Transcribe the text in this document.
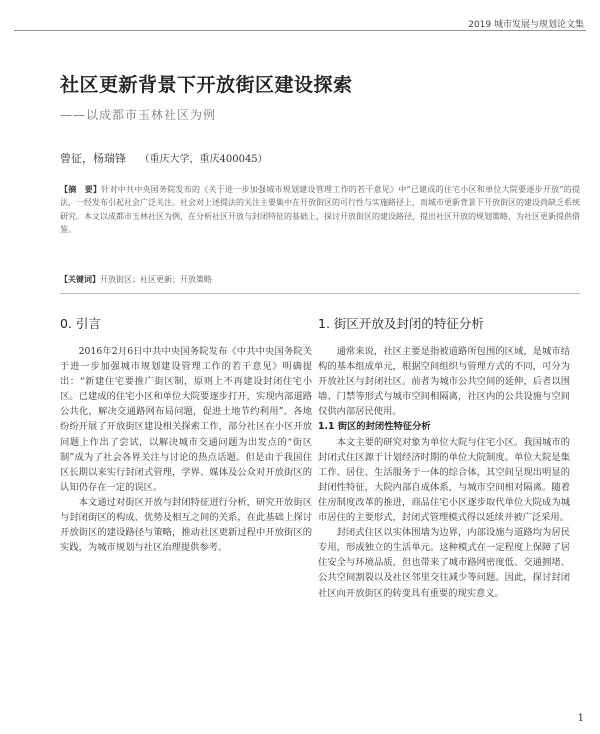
2019 城市发展与规划论文集
社区更新背景下开放街区建设探索
——以成都市玉林社区为例
曾征，杨瑞锋 （重庆大学，重庆400045）
【摘　要】针对中共中央国务院发布的《关于进一步加强城市规划建设管理工作的若干意见》中“已建成的住宅小区和单位大院要逐步开放”的提法，一经发布引起社会广泛关注。社会对上述提法的关注主要集中在开放街区的可行性与实施路径上，而城市更新背景下开放街区的建设尚缺乏系统研究。本文以成都市玉林社区为例，在分析社区开放与封闭特征的基础上，探讨开放街区的建设路径，提出社区开放的规划策略，为社区更新提供借鉴。
【关键词】开放街区；社区更新；开放策略
0. 引言

2016年2月6日中共中央国务院发布《中共中央国务院关于进一步加强城市规划建设管理工作的若干意见》明确提出：“新建住宅要推广街区制，原则上不再建设封闭住宅小区。已建成的住宅小区和单位大院要逐步打开，实现内部道路公共化，解决交通路网布局问题，促进土地节约利用”。各地纷纷开展了开放街区建设相关探索工作，部分社区在小区开放问题上作出了尝试，以解决城市交通问题为出发点的“街区制”成为了社会各界关注与讨论的热点话题。但是由于我国住区长期以来实行封闭式管理，学界、媒体及公众对开放街区的认知仍存在一定的误区。

本文通过对街区开放与封闭特征进行分析，研究开放街区与封闭街区的构成、优势及相互之间的关系，在此基础上探讨开放街区的建设路径与策略，推动社区更新过程中开放街区的实践，为城市规划与社区治理提供参考。

1. 街区开放及封闭的特征分析

通常来说，社区主要是指被道路所包围的区域，是城市结构的基本组成单元，根据空间组织与管理方式的不同，可分为开放社区与封闭社区。前者为城市公共空间的延伸，后者以围墙、门禁等形式与城市空间相隔离，社区内的公共设施与空间仅供内部居民使用。

1.1 街区的封闭性特征分析

本文主要的研究对象为单位大院与住宅小区。我国城市的封闭式住区源于计划经济时期的单位大院制度。单位大院是集工作、居住、生活服务于一体的综合体，其空间呈现出明显的封闭性特征，大院内部自成体系，与城市空间相对隔离。随着住房制度改革的推进，商品住宅小区逐步取代单位大院成为城市居住的主要形式，封闭式管理模式得以延续并被广泛采用。

封闭式住区以实体围墙为边界，内部设施与道路均为居民专用，形成独立的生活单元。这种模式在一定程度上保障了居住安全与环境品质，但也带来了城市路网密度低、交通拥堵、公共空间割裂以及社区邻里交往减少等问题。因此，探讨封闭社区向开放街区的转变具有重要的现实意义。

1
